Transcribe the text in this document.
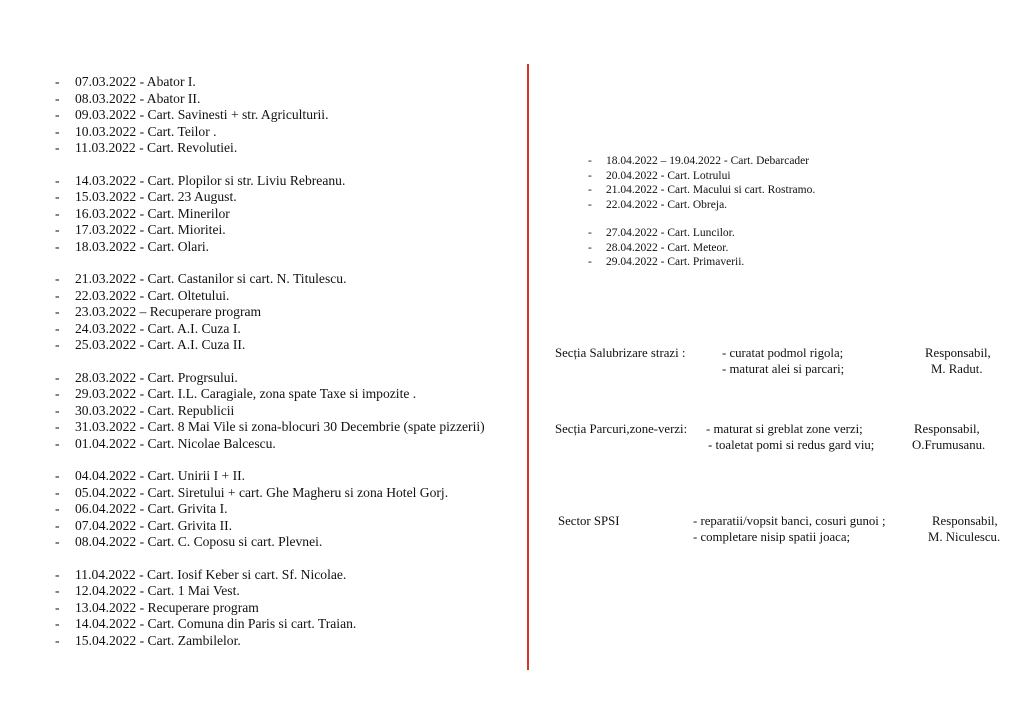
- 07.03.2022 - Abator I.
- 08.03.2022 - Abator II.
- 09.03.2022 - Cart. Savinesti + str. Agriculturii.
- 10.03.2022 - Cart. Teilor .
- 11.03.2022 - Cart. Revolutiei.
- 14.03.2022 - Cart. Plopilor si str. Liviu Rebreanu.
- 15.03.2022 - Cart. 23 August.
- 16.03.2022 - Cart. Minerilor
- 17.03.2022 - Cart. Mioritei.
- 18.03.2022 - Cart. Olari.
- 21.03.2022 - Cart. Castanilor si cart. N. Titulescu.
- 22.03.2022 - Cart. Oltetului.
- 23.03.2022 – Recuperare program
- 24.03.2022 - Cart. A.I. Cuza I.
- 25.03.2022 - Cart. A.I. Cuza II.
- 28.03.2022 - Cart. Progrsului.
- 29.03.2022 - Cart. I.L. Caragiale, zona spate Taxe si impozite .
- 30.03.2022 - Cart. Republicii
- 31.03.2022 - Cart. 8 Mai Vile si zona-blocuri 30 Decembrie (spate pizzerii)
- 01.04.2022 - Cart. Nicolae Balcescu.
- 04.04.2022 - Cart. Unirii I + II.
- 05.04.2022 - Cart. Siretului + cart. Ghe Magheru si zona Hotel Gorj.
- 06.04.2022 - Cart. Grivita I.
- 07.04.2022 - Cart. Grivita II.
- 08.04.2022 - Cart. C. Coposu si cart. Plevnei.
- 11.04.2022 - Cart. Iosif Keber si cart. Sf. Nicolae.
- 12.04.2022 - Cart. 1 Mai Vest.
- 13.04.2022 - Recuperare program
- 14.04.2022 - Cart. Comuna din Paris si cart. Traian.
- 15.04.2022 - Cart. Zambilelor.
- 18.04.2022 – 19.04.2022 - Cart. Debarcader
- 20.04.2022 - Cart. Lotrului
- 21.04.2022 - Cart. Macului si cart. Rostramo.
- 22.04.2022 - Cart. Obreja.
- 27.04.2022 - Cart. Luncilor.
- 28.04.2022 - Cart. Meteor.
- 29.04.2022 - Cart. Primaverii.
Secția Salubrizare strazi :	- curatat podmol rigola;
- maturat alei si parcari;
Responsabil,
M. Radut.
Secția Parcuri,zone-verzi: - maturat si greblat zone verzi;
- toaletat pomi si redus gard viu;
Responsabil,
O.Frumusanu.
Sector SPSI	- reparatii/vopsit banci, cosuri gunoi ;
- completare nisip spatii joaca;
Responsabil,
M. Niculescu.
